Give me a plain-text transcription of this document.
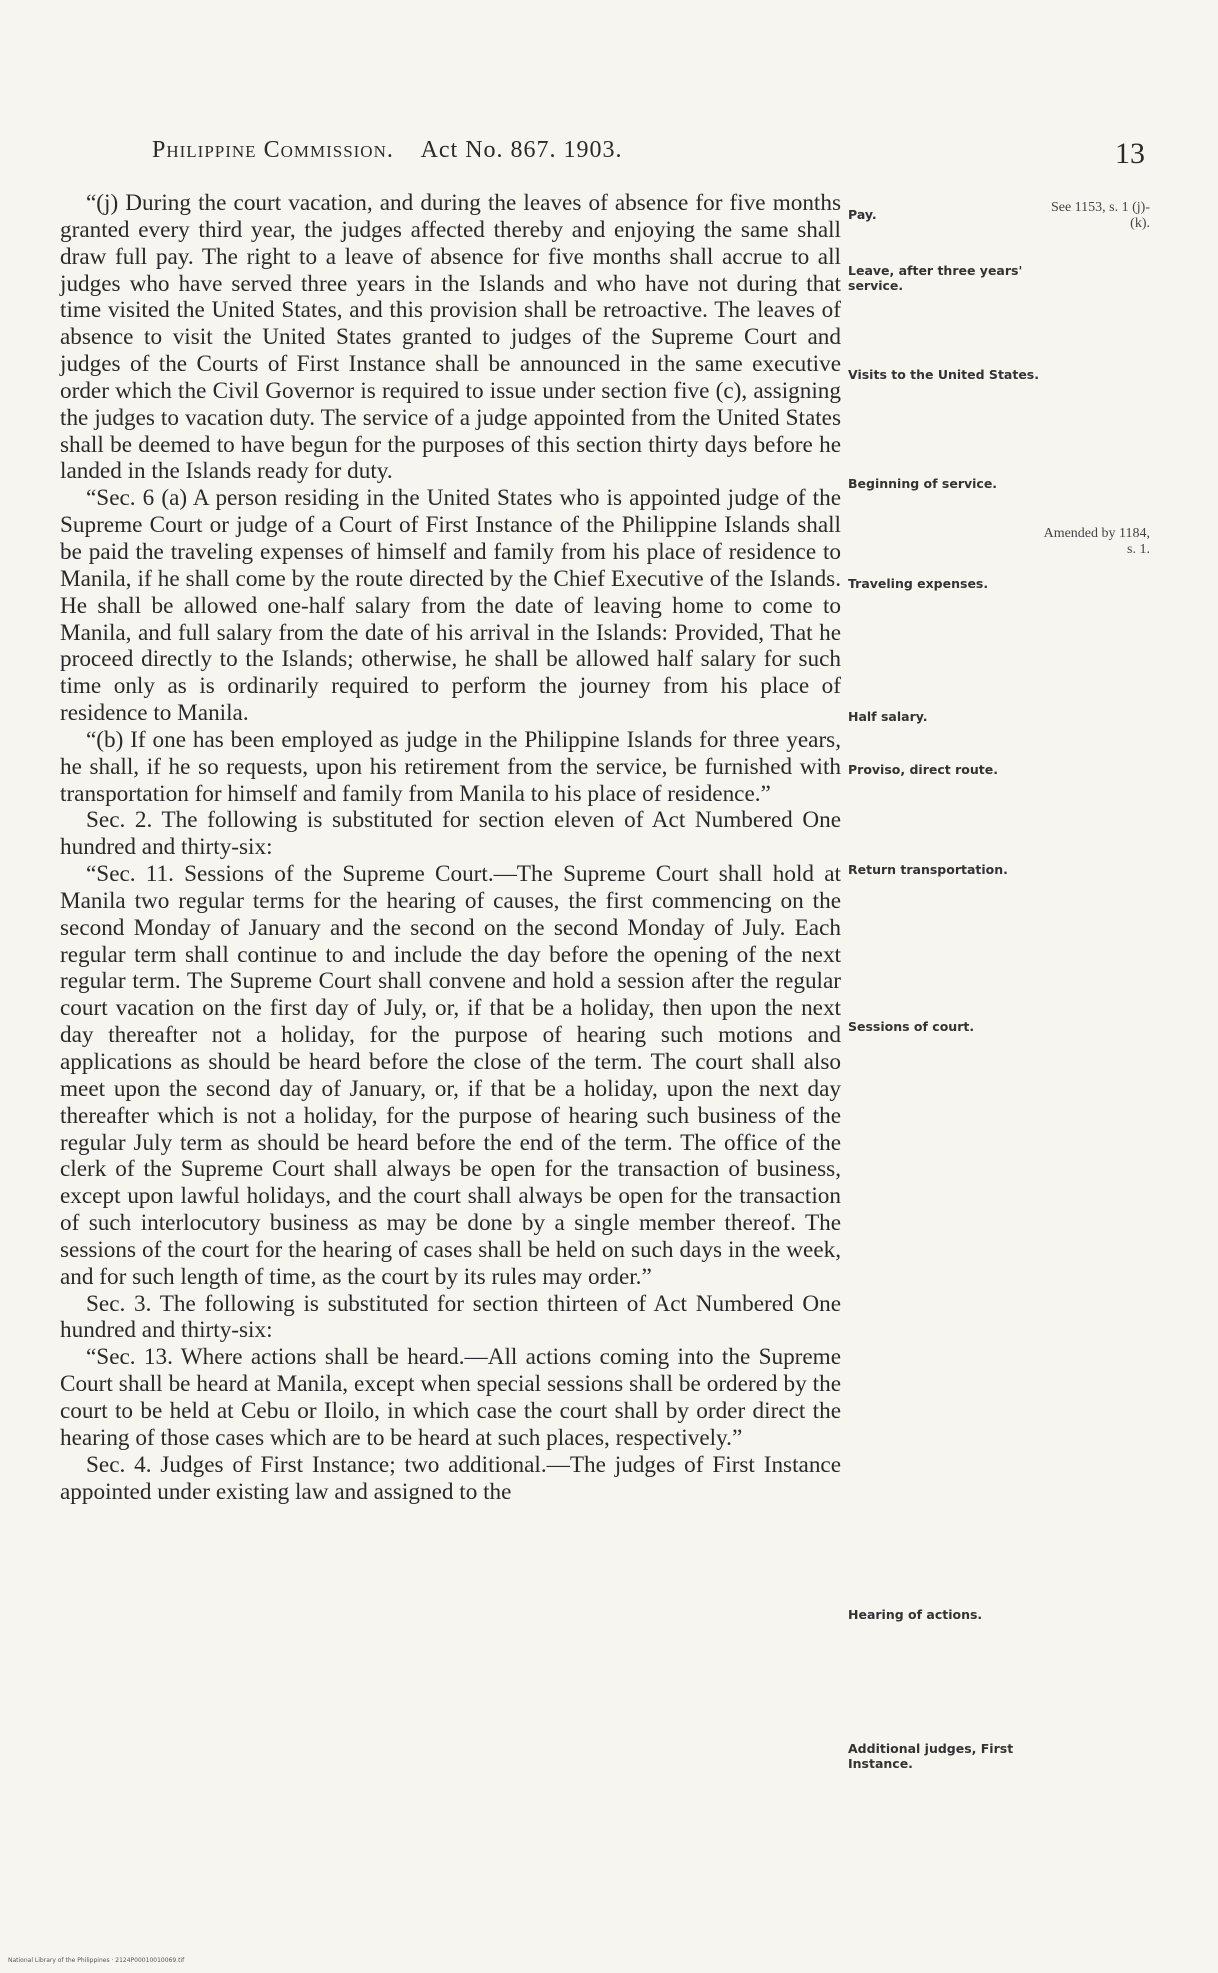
Philippine Commission. Act No. 867. 1903.	13

“(j) During the court vacation, and during the leaves of absence for five months granted every third year, the judges affected thereby and enjoying the same shall draw full pay. The right to a leave of absence for five months shall accrue to all judges who have served three years in the Islands and who have not during that time visited the United States, and this provision shall be retroactive. The leaves of absence to visit the United States granted to judges of the Supreme Court and judges of the Courts of First Instance shall be announced in the same executive order which the Civil Governor is required to issue under section five (c), assigning the judges to vacation duty. The service of a judge appointed from the United States shall be deemed to have begun for the purposes of this section thirty days before he landed in the Islands ready for duty.

“Sec. 6 (a) A person residing in the United States who is appointed judge of the Supreme Court or judge of a Court of First Instance of the Philippine Islands shall be paid the traveling expenses of himself and family from his place of residence to Manila, if he shall come by the route directed by the Chief Executive of the Islands. He shall be allowed one-half salary from the date of leaving home to come to Manila, and full salary from the date of his arrival in the Islands: Provided, That he proceed directly to the Islands; otherwise, he shall be allowed half salary for such time only as is ordinarily required to perform the journey from his place of residence to Manila.

“(b) If one has been employed as judge in the Philippine Islands for three years, he shall, if he so requests, upon his retirement from the service, be furnished with transportation for himself and family from Manila to his place of residence.”

Sec. 2. The following is substituted for section eleven of Act Numbered One hundred and thirty-six:

“Sec. 11. Sessions of the Supreme Court.—The Supreme Court shall hold at Manila two regular terms for the hearing of causes, the first commencing on the second Monday of January and the second on the second Monday of July. Each regular term shall continue to and include the day before the opening of the next regular term. The Supreme Court shall convene and hold a session after the regular court vacation on the first day of July, or, if that be a holiday, then upon the next day thereafter not a holiday, for the purpose of hearing such motions and applications as should be heard before the close of the term. The court shall also meet upon the second day of January, or, if that be a holiday, upon the next day thereafter which is not a holiday, for the purpose of hearing such business of the regular July term as should be heard before the end of the term. The office of the clerk of the Supreme Court shall always be open for the transaction of business, except upon lawful holidays, and the court shall always be open for the transaction of such interlocutory business as may be done by a single member thereof. The sessions of the court for the hearing of cases shall be held on such days in the week, and for such length of time, as the court by its rules may order.”

Sec. 3. The following is substituted for section thirteen of Act Numbered One hundred and thirty-six:

“Sec. 13. Where actions shall be heard.—All actions coming into the Supreme Court shall be heard at Manila, except when special sessions shall be ordered by the court to be held at Cebu or Iloilo, in which case the court shall by order direct the hearing of those cases which are to be heard at such places, respectively.”

Sec. 4. Judges of First Instance; two additional.—The judges of First Instance appointed under existing law and assigned to the

Pay.
Leave, after three years' service.
Visits to the United States.
Beginning of service.
Traveling expenses.
Half salary.
Proviso, direct route.
Return transportation.
Sessions of court.
Hearing of actions.
Additional judges, First Instance.
See 1153, s. 1 (j)-(k).
Amended by 1184, s. 1.
National Library of the Philippines · 2124P00010010069.tif
